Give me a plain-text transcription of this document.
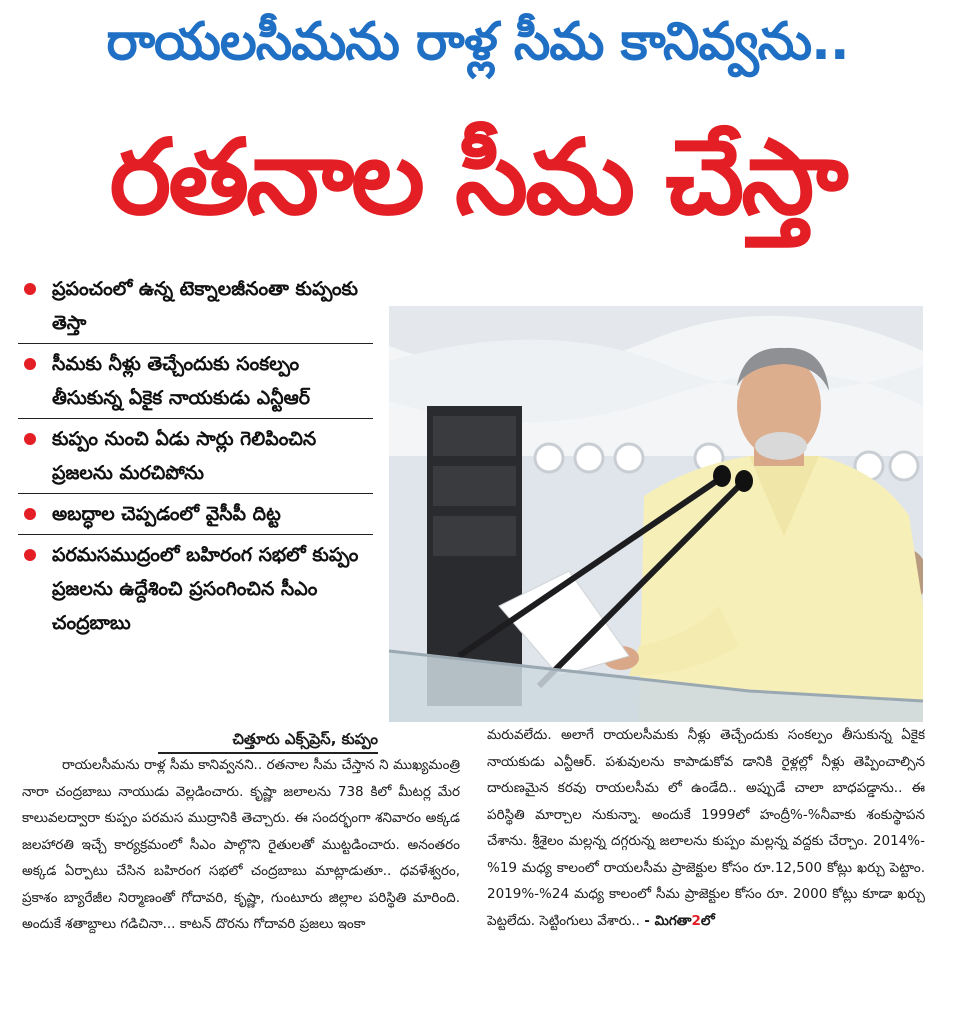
రాయలసీమను రాళ్ల సీమ కానివ్వను..
రతనాల సీమ చేస్తా
ప్రపంచంలో ఉన్న టెక్నాలజీనంతా కుప్పంకు తెస్తా
సీమకు నీళ్లు తెచ్చేందుకు సంకల్పం తీసుకున్న ఏకైక నాయకుడు ఎన్టీఆర్
కుప్పం నుంచి ఏడు సార్లు గెలిపించిన ప్రజలను మరచిపోను
అబద్ధాల చెప్పడంలో వైసీపీ దిట్ట
పరమసముద్రంలో బహిరంగ సభలో కుప్పం ప్రజలను ఉద్దేశించి ప్రసంగించిన సీఎం చంద్రబాబు
చిత్తూరు ఎక్స్‌ప్రెస్, కుప్పం

రాయలసీమను రాళ్ల సీమ కానివ్వనని.. రతనాల సీమ చేస్తాన ని ముఖ్యమంత్రి నారా చంద్రబాబు నాయుడు వెల్లడించారు. కృష్ణా జలాలను 738 కిలో మీటర్ల మేర కాలువలద్వారా కుప్పం పరమస ముద్రానికి తెచ్చారు. ఈ సందర్భంగా శనివారం అక్కడ జలహారతి ఇచ్చే కార్యక్రమంలో సీఎం పాల్గొని రైతులతో ముట్టడించారు. అనంతరం అక్కడ ఏర్పాటు చేసిన బహిరంగ సభలో చంద్రబాబు మాట్లాడుతూ.. ధవళేశ్వరం, ప్రకాశం బ్యారేజీల నిర్మాణంతో గోదావరి, కృష్ణా, గుంటూరు జిల్లాల పరిస్థితి మారింది. అందుకే శతాబ్దాలు గడిచినా... కాటన్ దొరను గోదావరి ప్రజలు ఇంకా

మరువలేదు. అలాగే రాయలసీమకు నీళ్లు తెచ్చేందుకు సంకల్పం తీసుకున్న ఏకైక నాయకుడు ఎన్టీఆర్. పశువులను కాపాడుకోవ డానికి రైళ్లల్లో నీళ్లు తెప్పించాల్సిన దారుణమైన కరవు రాయలసీమ లో ఉండేది.. అప్పుడే చాలా బాధపడ్డాను.. ఈ పరిస్థితి మార్చాల నుకున్నా. అందుకే 1999లో హంద్రీ%-%నీవాకు శంకుస్థాపన చేశాను. శ్రీశైలం మల్లన్న దగ్గరున్న జలాలను కుప్పం మల్లన్న వద్దకు చేర్చాం. 2014%-%19 మధ్య కాలంలో రాయలసీమ ప్రాజెక్టుల కోసం రూ.12,500 కోట్లు ఖర్చు పెట్టాం. 2019%-%24 మధ్య కాలంలో సీమ ప్రాజెక్టుల కోసం రూ. 2000 కోట్లు కూడా ఖర్చు పెట్టలేదు. సెట్టింగులు వేశారు.. - మిగతా2లో
